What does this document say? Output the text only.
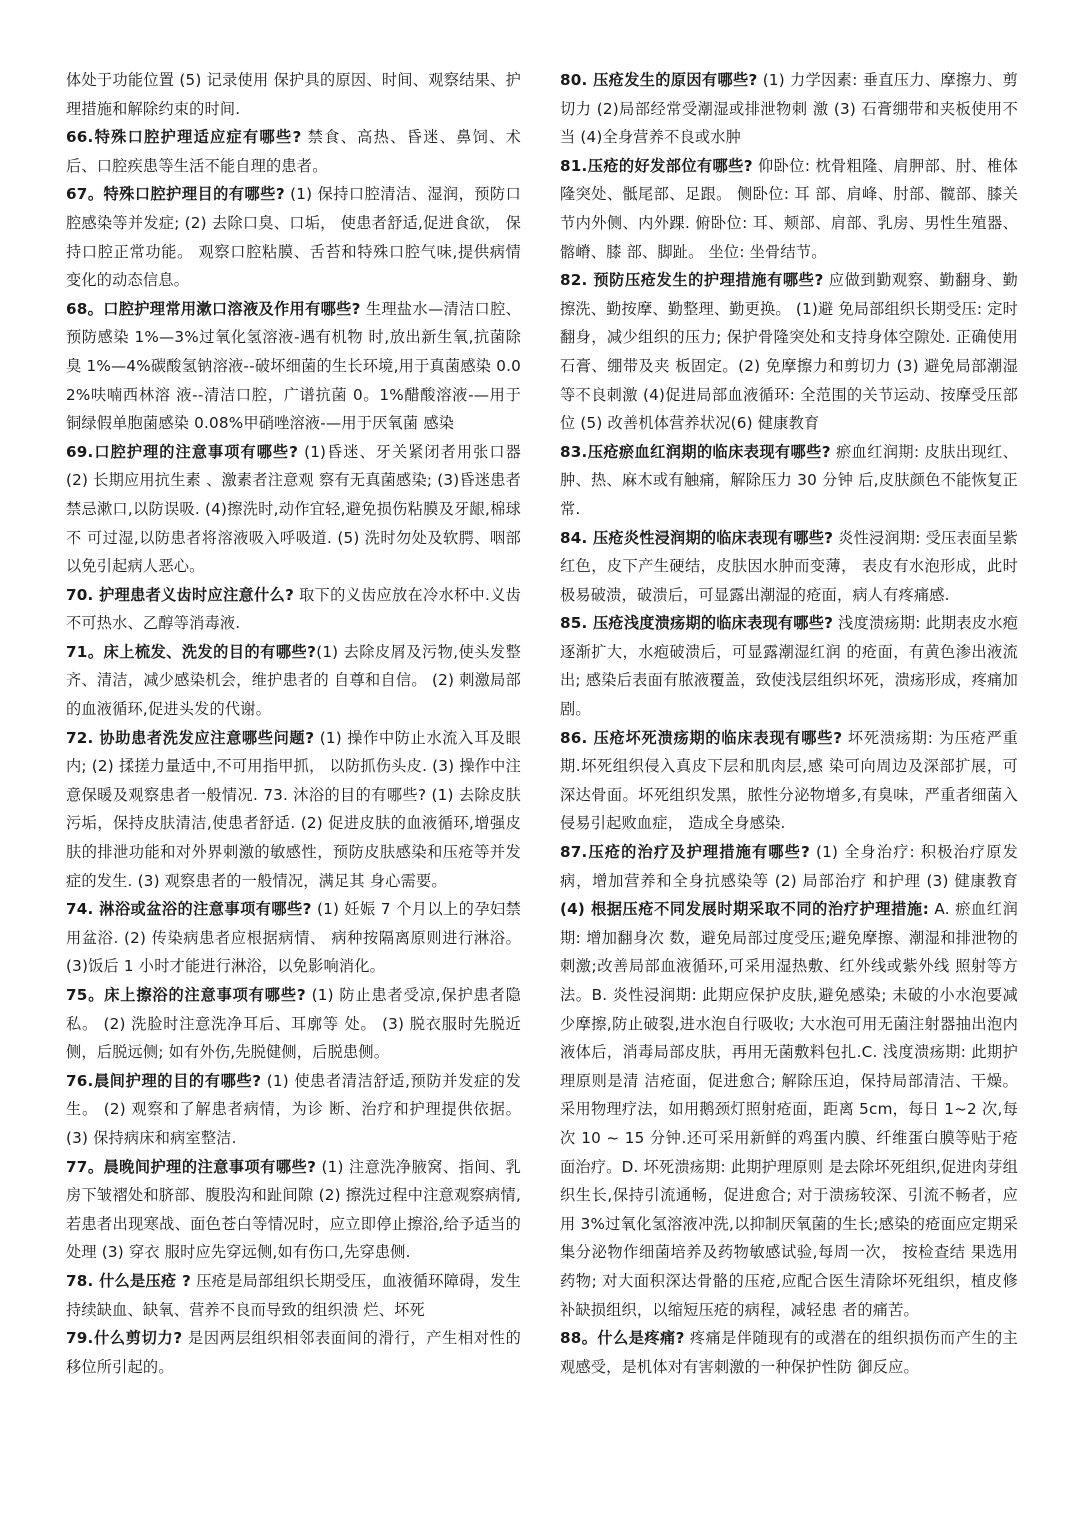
体处于功能位置 (5) 记录使用 保护具的原因、时间、观察结果、护理措施和解除约束的时间.

66.特殊口腔护理适应症有哪些? 禁食、高热、昏迷、鼻饲、术后、口腔疾患等生活不能自理的患者。

67。特殊口腔护理目的有哪些? (1) 保持口腔清洁、湿润，预防口腔感染等并发症; (2) 去除口臭、口垢， 使患者舒适,促进食欲， 保持口腔正常功能。 观察口腔粘膜、舌苔和特殊口腔气味,提供病情变化的动态信息。

68。口腔护理常用漱口溶液及作用有哪些? 生理盐水—清洁口腔、预防感染 1%—3%过氧化氢溶液-遇有机物 时,放出新生氧,抗菌除臭 1%—4%碳酸氢钠溶液--破坏细菌的生长环境,用于真菌感染 0.02%呋喃西林溶 液--清洁口腔，广谱抗菌 0。1%醋酸溶液-—用于铜绿假单胞菌感染 0.08%甲硝唑溶液-—用于厌氧菌 感染

69.口腔护理的注意事项有哪些? (1)昏迷、牙关紧闭者用张口器 (2) 长期应用抗生素 、激素者注意观 察有无真菌感染; (3)昏迷患者禁忌漱口,以防误吸. (4)擦洗时,动作宜轻,避免损伤粘膜及牙龈,棉球不 可过湿,以防患者将溶液吸入呼吸道. (5) 洗时勿处及软腭、咽部以免引起病人恶心。

70. 护理患者义齿时应注意什么? 取下的义齿应放在冷水杯中.义齿不可热水、乙醇等消毒液.

71。床上梳发、洗发的目的有哪些?(1) 去除皮屑及污物,使头发整齐、清洁，减少感染机会，维护患者的 自尊和自信。 (2) 刺激局部的血液循环,促进头发的代谢。

72. 协助患者洗发应注意哪些问题? (1) 操作中防止水流入耳及眼内; (2) 揉搓力量适中,不可用指甲抓， 以防抓伤头皮. (3) 操作中注意保暖及观察患者一般情况. 73. 沐浴的目的有哪些? (1) 去除皮肤污垢，保持皮肤清洁,使患者舒适. (2) 促进皮肤的血液循环,增强皮 肤的排泄功能和对外界刺激的敏感性，预防皮肤感染和压疮等并发症的发生. (3) 观察患者的一般情况，满足其 身心需要。

74. 淋浴或盆浴的注意事项有哪些? (1) 妊娠 7 个月以上的孕妇禁用盆浴. (2) 传染病患者应根据病情、 病种按隔离原则进行淋浴。 (3)饭后 1 小时才能进行淋浴，以免影响消化。

75。床上擦浴的注意事项有哪些? (1) 防止患者受凉,保护患者隐私。 (2) 洗脸时注意洗净耳后、耳廓等 处。 (3) 脱衣服时先脱近侧，后脱远侧; 如有外伤,先脱健侧，后脱患侧。

76.晨间护理的目的有哪些? (1) 使患者清洁舒适,预防并发症的发生。 (2) 观察和了解患者病情，为诊 断、治疗和护理提供依据。 (3) 保持病床和病室整洁.

77。晨晚间护理的注意事项有哪些? (1) 注意洗净腋窝、指间、乳房下皱褶处和脐部、腹股沟和趾间隙 (2) 擦洗过程中注意观察病情,若患者出现寒战、面色苍白等情况时，应立即停止擦浴,给予适当的处理 (3) 穿衣 服时应先穿远侧,如有伤口,先穿患侧.

78. 什么是压疮 ? 压疮是局部组织长期受压，血液循环障碍，发生持续缺血、缺氧、营养不良而导致的组织溃 烂、坏死

79.什么剪切力? 是因两层组织相邻表面间的滑行，产生相对性的移位所引起的。

80. 压疮发生的原因有哪些? (1) 力学因素: 垂直压力、摩擦力、剪切力 (2)局部经常受潮湿或排泄物刺 激 (3) 石膏绷带和夹板使用不当 (4)全身营养不良或水肿

81.压疮的好发部位有哪些? 仰卧位: 枕骨粗隆、肩胛部、肘、椎体隆突处、骶尾部、足跟。 侧卧位: 耳 部、肩峰、肘部、髋部、膝关节内外侧、内外踝. 俯卧位: 耳、颊部、肩部、乳房、男性生殖器、髂嵴、膝 部、脚趾。 坐位: 坐骨结节。

82. 预防压疮发生的护理措施有哪些? 应做到勤观察、勤翻身、勤擦洗、勤按摩、勤整理、勤更换。 (1)避 免局部组织长期受压: 定时翻身，减少组织的压力; 保护骨隆突处和支持身体空隙处. 正确使用石膏、绷带及夹 板固定。(2) 免摩擦力和剪切力 (3) 避免局部潮湿等不良刺激 (4)促进局部血液循环: 全范围的关节运动、按摩受压部位 (5) 改善机体营养状况(6) 健康教育

83.压疮瘀血红润期的临床表现有哪些? 瘀血红润期: 皮肤出现红、肿、热、麻木或有触痛，解除压力 30 分钟 后,皮肤颜色不能恢复正常.

84. 压疮炎性浸润期的临床表现有哪些? 炎性浸润期: 受压表面呈紫红色，皮下产生硬结，皮肤因水肿而变薄， 表皮有水泡形成，此时极易破溃，破溃后，可显露出潮湿的疮面，病人有疼痛感.

85. 压疮浅度溃疡期的临床表现有哪些? 浅度溃疡期: 此期表皮水疱逐渐扩大，水疱破溃后，可显露潮湿红润 的疮面，有黄色渗出液流出; 感染后表面有脓液覆盖，致使浅层组织坏死，溃疡形成，疼痛加剧。

86. 压疮坏死溃疡期的临床表现有哪些? 坏死溃疡期: 为压疮严重期.坏死组织侵入真皮下层和肌肉层,感 染可向周边及深部扩展，可深达骨面。坏死组织发黑，脓性分泌物增多,有臭味，严重者细菌入侵易引起败血症， 造成全身感染.

87.压疮的治疗及护理措施有哪些? (1) 全身治疗: 积极治疗原发病，增加营养和全身抗感染等 (2) 局部治疗 和护理 (3) 健康教育 (4) 根据压疮不同发展时期采取不同的治疗护理措施: A. 瘀血红润期: 增加翻身次 数，避免局部过度受压;避免摩擦、潮湿和排泄物的刺激;改善局部血液循环,可采用湿热敷、红外线或紫外线 照射等方法。B. 炎性浸润期: 此期应保护皮肤,避免感染; 未破的小水泡要减少摩擦,防止破裂,进水泡自行吸收; 大水泡可用无菌注射器抽出泡内液体后，消毒局部皮肤，再用无菌敷料包扎.C. 浅度溃疡期: 此期护理原则是清 洁疮面，促进愈合; 解除压迫，保持局部清洁、干燥。采用物理疗法，如用鹅颈灯照射疮面，距离 5cm，每日 1~2 次,每次 10 ~ 15 分钟.还可采用新鲜的鸡蛋内膜、纤维蛋白膜等贴于疮面治疗。D. 坏死溃疡期: 此期护理原则 是去除坏死组织,促进肉芽组织生长,保持引流通畅，促进愈合; 对于溃疡较深、引流不畅者，应用 3%过氧化氢溶液冲洗,以抑制厌氧菌的生长;感染的疮面应定期采集分泌物作细菌培养及药物敏感试验,每周一次， 按检查结 果选用药物; 对大面积深达骨骼的压疮,应配合医生清除坏死组织，植皮修补缺损组织，以缩短压疮的病程，减轻患 者的痛苦。

88。什么是疼痛? 疼痛是伴随现有的或潜在的组织损伤而产生的主观感受，是机体对有害刺激的一种保护性防 御反应。
